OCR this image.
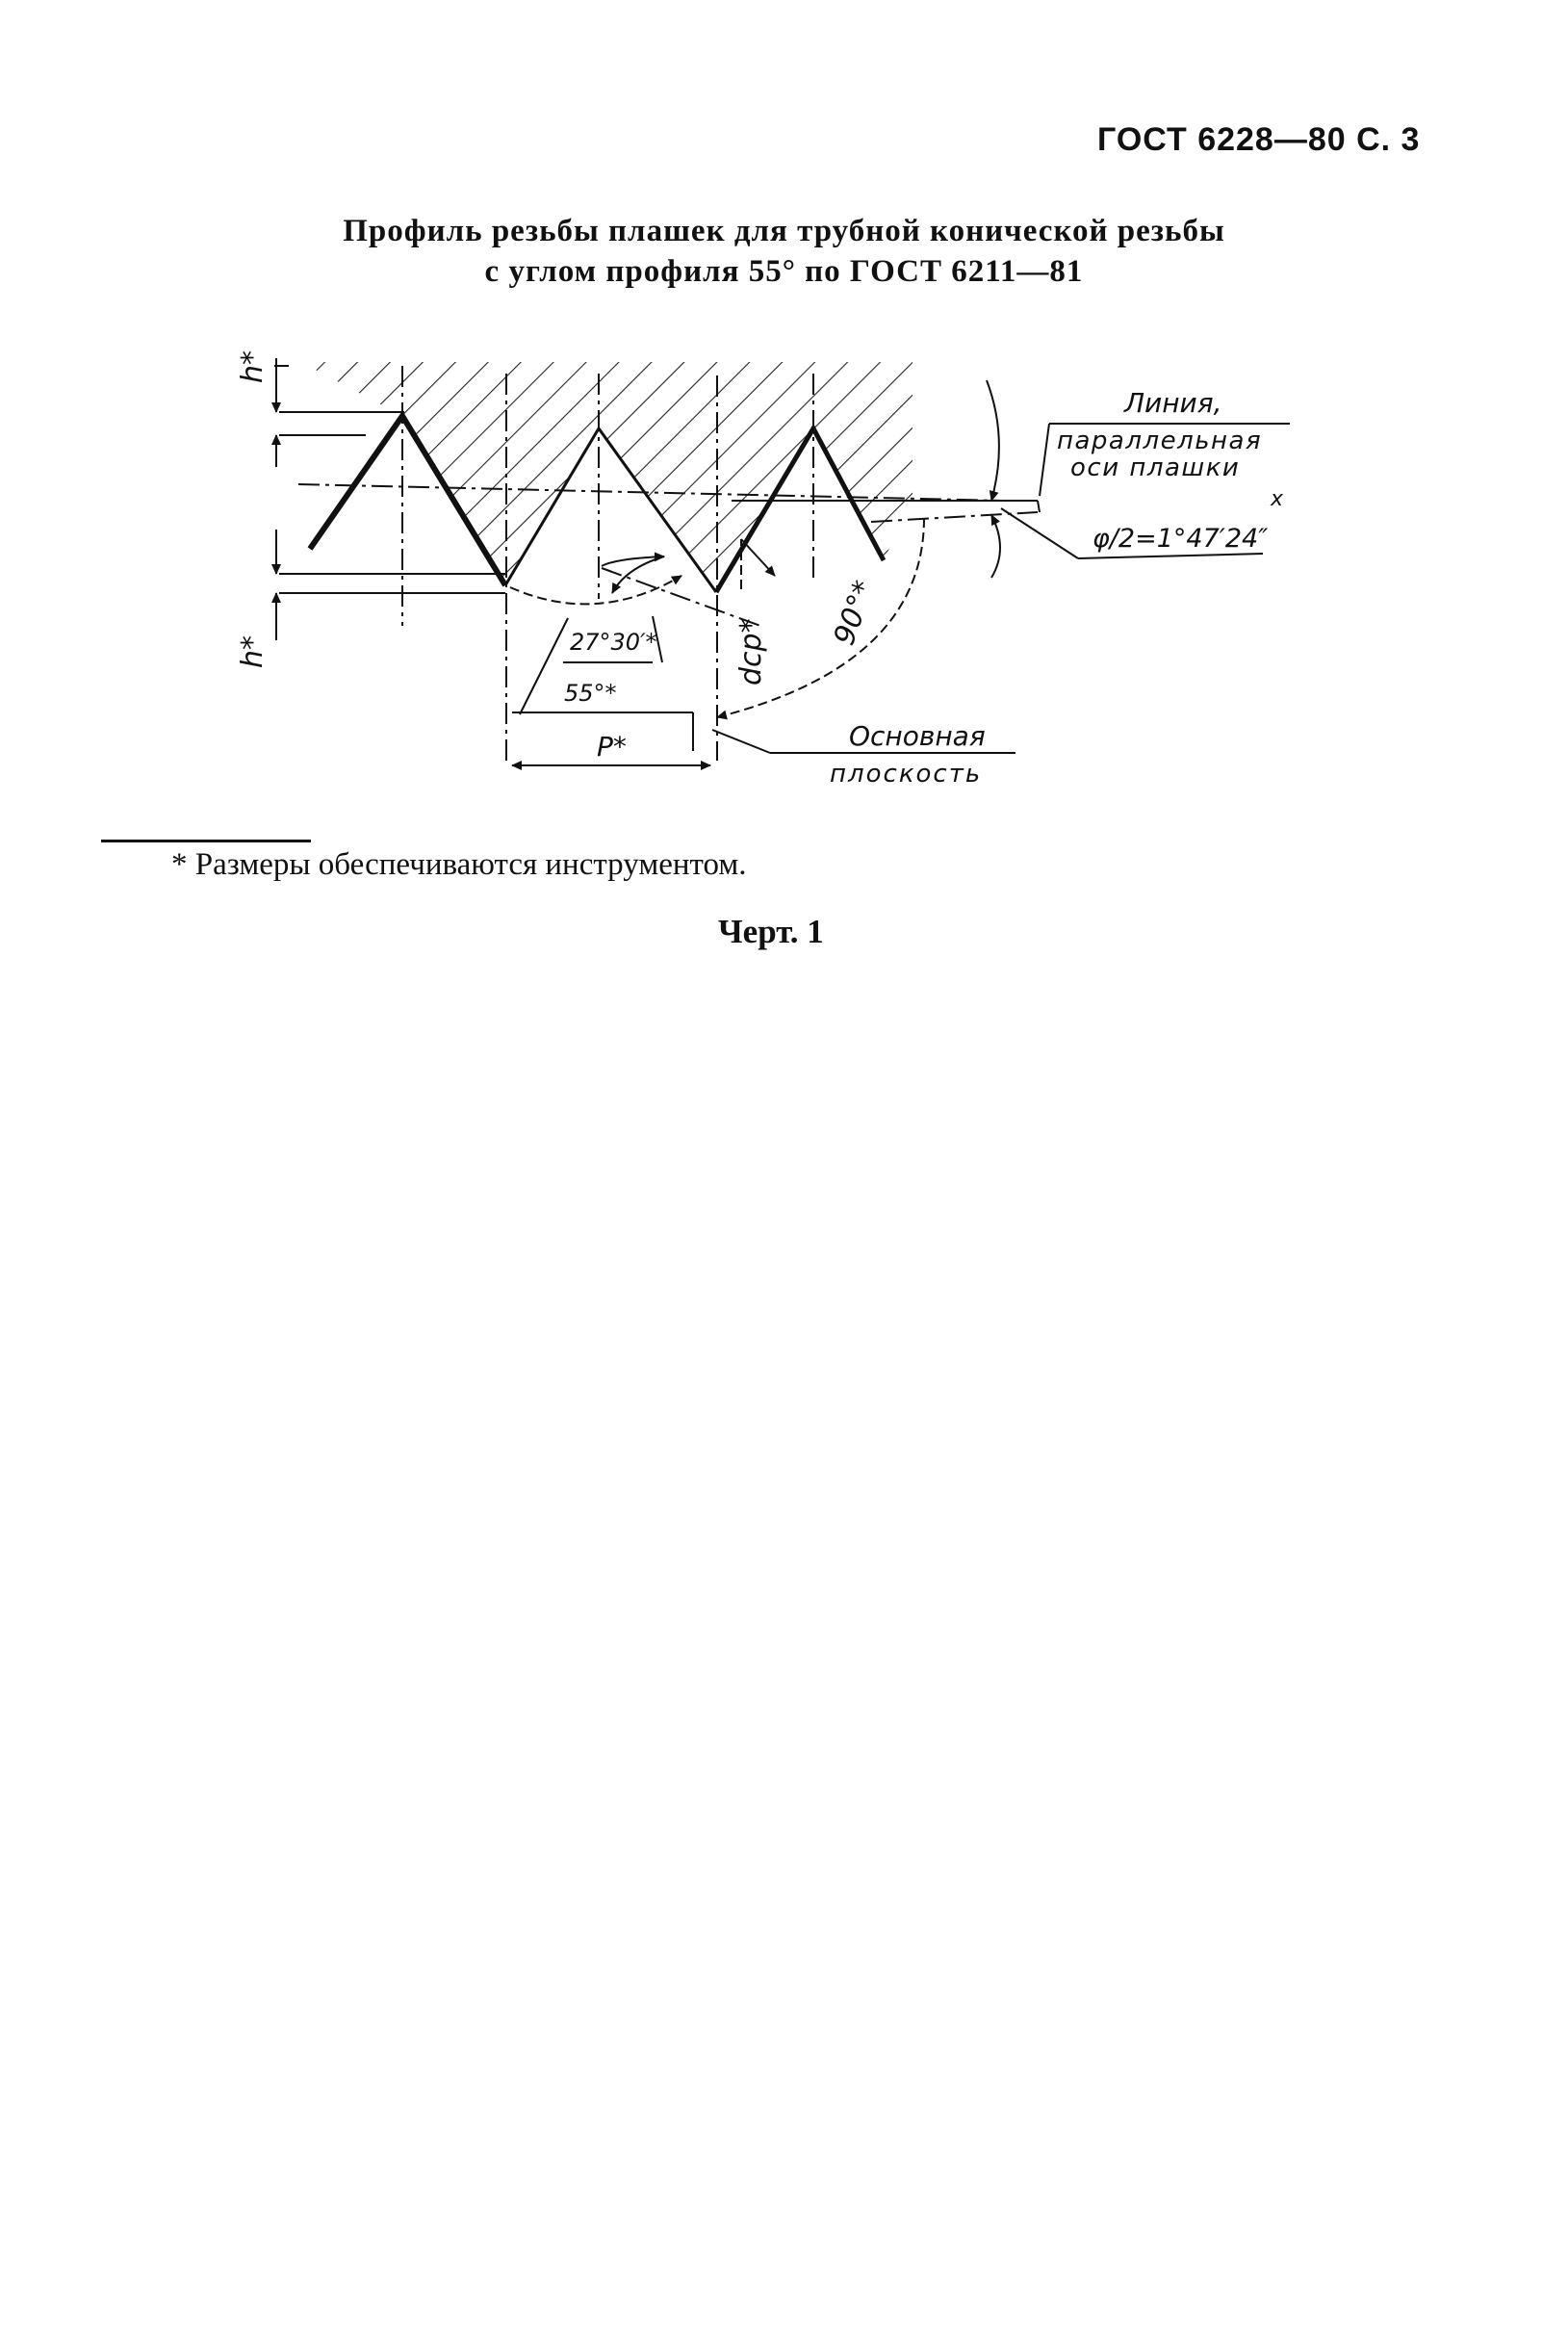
ГОСТ 6228—80 С. 3
Профиль резьбы плашек для трубной конической резьбы
с углом профиля 55° по ГОСТ 6211—81
h*
h*
Линия,
параллельная
оси плашки
x
φ/2=1°47′24″
27°30′*
55°*
P*
dср*
90°*
Основная
плоскость
* Размеры обеспечиваются инструментом.
Черт. 1
